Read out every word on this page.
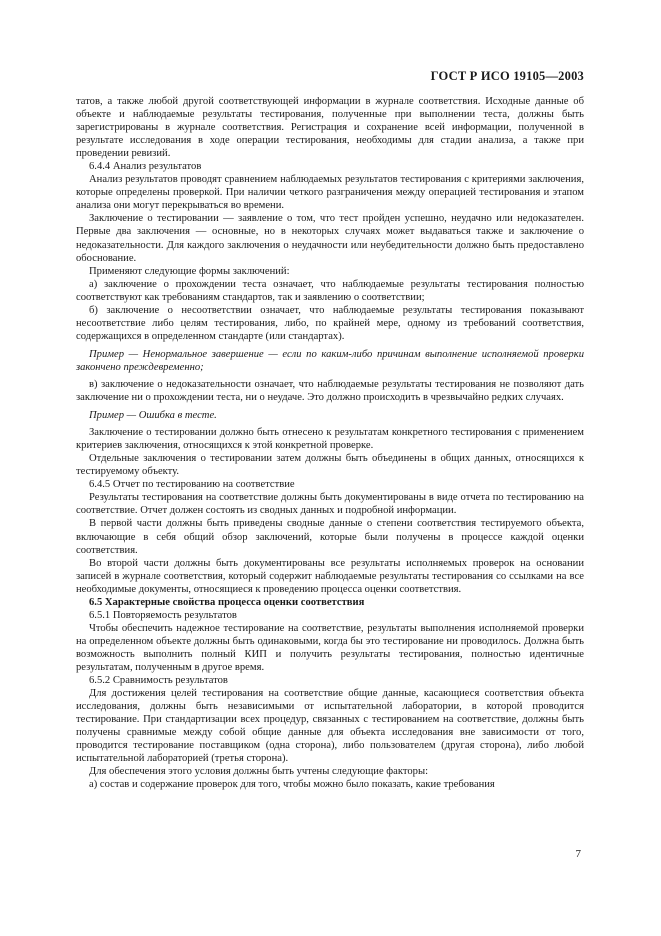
ГОСТ Р ИСО 19105—2003

татов, а также любой другой соответствующей информации в журнале соответствия. Исходные данные об объекте и наблюдаемые результаты тестирования, полученные при выполнении теста, должны быть зарегистрированы в журнале соответствия. Регистрация и сохранение всей информации, полученной в результате исследования в ходе операции тестирования, необходимы для стадии анализа, а также при проведении ревизий.

6.4.4 Анализ результатов

Анализ результатов проводят сравнением наблюдаемых результатов тестирования с критериями заключения, которые определены проверкой. При наличии четкого разграничения между операцией тестирования и этапом анализа они могут перекрываться во времени.

Заключение о тестировании — заявление о том, что тест пройден успешно, неудачно или недоказателен. Первые два заключения — основные, но в некоторых случаях может выдаваться также и заключение о недоказательности. Для каждого заключения о неудачности или неубедительности должно быть предоставлено обоснование.

Применяют следующие формы заключений:

а) заключение о прохождении теста означает, что наблюдаемые результаты тестирования полностью соответствуют как требованиям стандартов, так и заявлению о соответствии;

б) заключение о несоответствии означает, что наблюдаемые результаты тестирования показывают несоответствие либо целям тестирования, либо, по крайней мере, одному из требований соответствия, содержащихся в определенном стандарте (или стандартах).

Пример — Ненормальное завершение — если по каким-либо причинам выполнение исполняемой проверки закончено преждевременно;

в) заключение о недоказательности означает, что наблюдаемые результаты тестирования не позволяют дать заключение ни о прохождении теста, ни о неудаче. Это должно происходить в чрезвычайно редких случаях.

Пример — Ошибка в тесте.

Заключение о тестировании должно быть отнесено к результатам конкретного тестирования с применением критериев заключения, относящихся к этой конкретной проверке.

Отдельные заключения о тестировании затем должны быть объединены в общих данных, относящихся к тестируемому объекту.

6.4.5 Отчет по тестированию на соответствие

Результаты тестирования на соответствие должны быть документированы в виде отчета по тестированию на соответствие. Отчет должен состоять из сводных данных и подробной информации.

В первой части должны быть приведены сводные данные о степени соответствия тестируемого объекта, включающие в себя общий обзор заключений, которые были получены в процессе каждой оценки соответствия.

Во второй части должны быть документированы все результаты исполняемых проверок на основании записей в журнале соответствия, который содержит наблюдаемые результаты тестирования со ссылками на все необходимые документы, относящиеся к проведению процесса оценки соответствия.

6.5 Характерные свойства процесса оценки соответствия

6.5.1 Повторяемость результатов

Чтобы обеспечить надежное тестирование на соответствие, результаты выполнения исполняемой проверки на определенном объекте должны быть одинаковыми, когда бы это тестирование ни проводилось. Должна быть возможность выполнить полный КИП и получить результаты тестирования, полностью идентичные результатам, полученным в другое время.

6.5.2 Сравнимость результатов

Для достижения целей тестирования на соответствие общие данные, касающиеся соответствия объекта исследования, должны быть независимыми от испытательной лаборатории, в которой проводится тестирование. При стандартизации всех процедур, связанных с тестированием на соответствие, должны быть получены сравнимые между собой общие данные для объекта исследования вне зависимости от того, проводится тестирование поставщиком (одна сторона), либо пользователем (другая сторона), либо любой испытательной лабораторией (третья сторона).

Для обеспечения этого условия должны быть учтены следующие факторы:

а) состав и содержание проверок для того, чтобы можно было показать, какие требования

7
